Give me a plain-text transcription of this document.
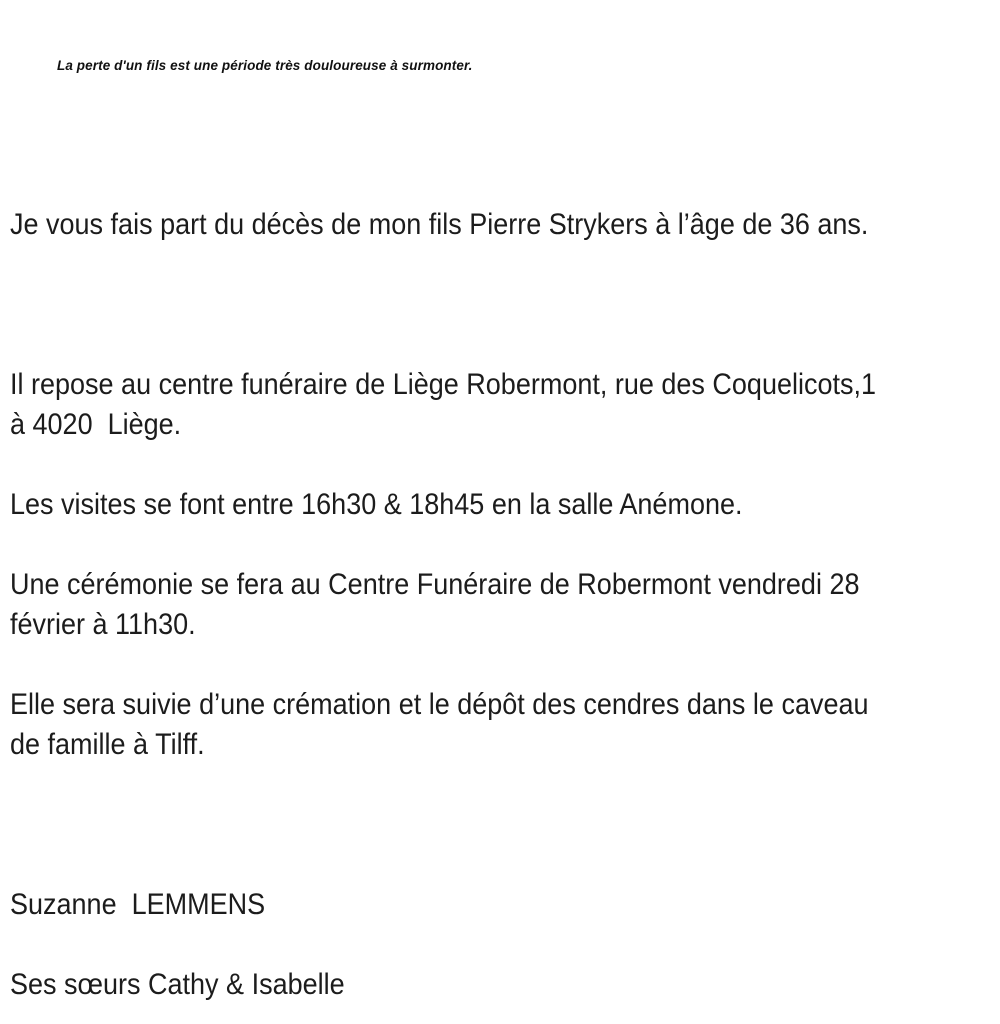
La perte d'un fils est une période très douloureuse à surmonter.
Je vous fais part du décès de mon fils Pierre Strykers à l’âge de 36 ans.
Il repose au centre funéraire de Liège Robermont, rue des Coquelicots,1
à 4020  Liège.
Les visites se font entre 16h30 & 18h45 en la salle Anémone.
Une cérémonie se fera au Centre Funéraire de Robermont vendredi 28
février à 11h30.
Elle sera suivie d’une crémation et le dépôt des cendres dans le caveau
de famille à Tilff.
Suzanne  LEMMENS
Ses sœurs Cathy & Isabelle
